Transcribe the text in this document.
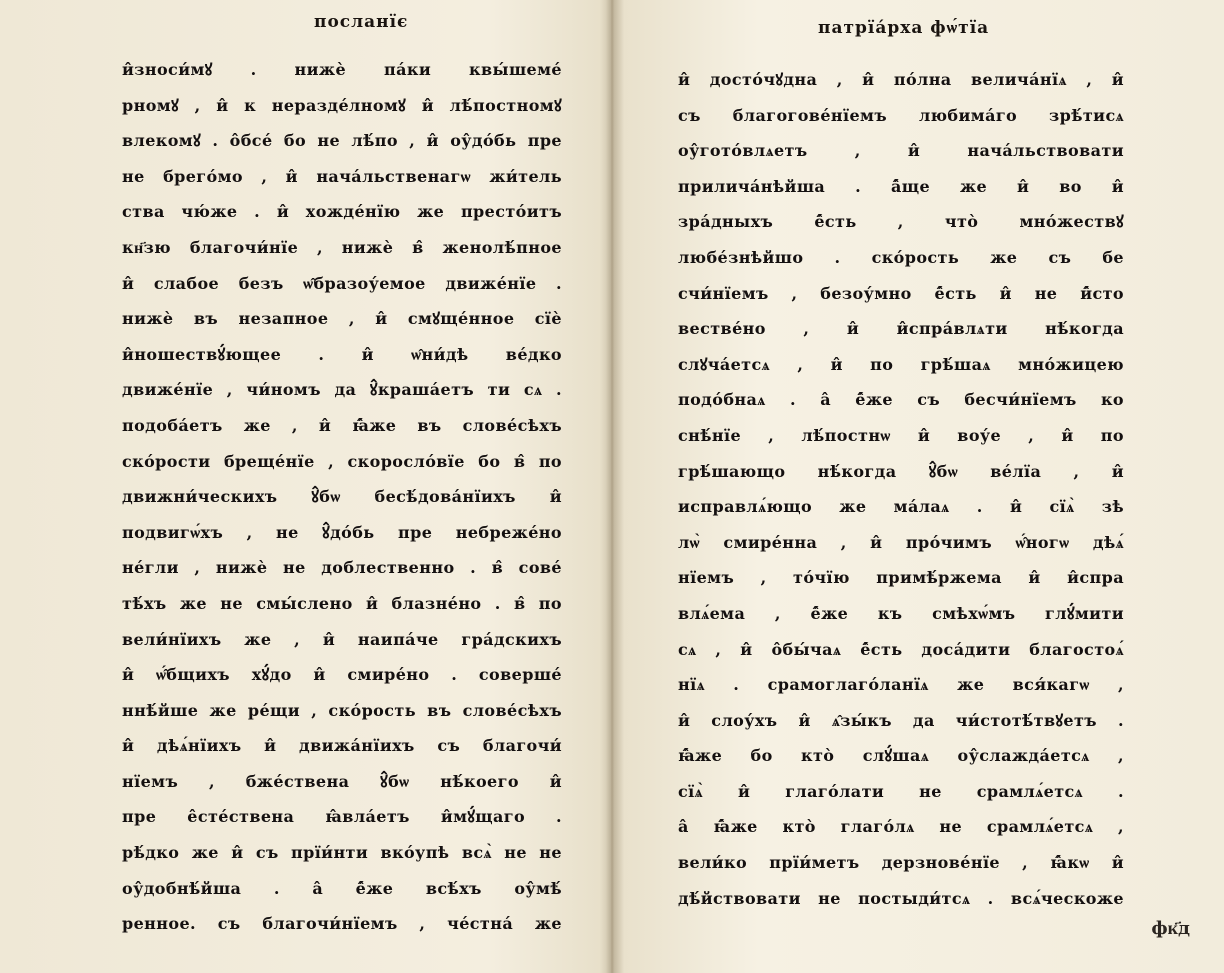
посланїє
и̂зноси́мꙋ . нижѐ па́ки квы́шеме́
рномꙋ , и̂ к неразде́лномꙋ и̂ лѣ́постномꙋ
влекомꙋ . о̂бсе́ бо не лѣ́по , и̂ оу̂до́бь пре
не брего́мо , и̂ нача́льственагѡ жи́тель
ства чю́же . и̂ хожде́нїю же престо́итъ
кн҃зю благочи́нїе , нижѐ в̂ женолѣ́пное
и̂ слабое безъ ѡ̂бразоу́емое движе́нїе .
нижѐ въ незапное , и̂ смꙋще́нное сїѐ
и̂ношествꙋ́ющее . и̂ ѡ̂ни́дѣ ве́дко
движе́нїе , чи́номъ да ꙋ̂краша́етъ ти сѧ .
подоба́етъ же , и̂ ꙗ̂́же въ слове́сѣхъ
ско́рости бреще́нїе , скоросло́вїе бо в̂ по
движни́ческихъ ꙋ̂бѡ бесѣ́дова́нїихъ и̂
подвигѡ́хъ , не ꙋ̂до́бь пре небреже́но
не́гли , нижѐ не доблественно . в̂ сове́
тѣ́хъ же не смы́слено и̂ блазне́но . в̂ по
вели́нїихъ же , и̂ наипа́че гра́дскихъ
и̂ ѡ̂́бщихъ хꙋ́до и̂ смире́но . соверше́
ннѣ́йше же ре́щи , ско́рость въ слове́сѣхъ
и̂ дѣѧ́нїихъ и̂ движа́нїихъ съ благочи́
нїемъ , бже́ствена ꙋ̂бѡ нѣ́коего и̂
пре е̂сте́ствена ꙗ̂вла́етъ и̂мꙋ́щаго .
рѣ́дко же и̂ съ прїи́нти вко́упѣ всѧ̀ не не
оу̂добнѣ́йша . а̂ е̂́же всѣ́хъ оу̂мѣ́
ренное. съ благочи́нїемъ , че́стна́ же
патрїа́рха фѡ́тїа
и̂ досто́чꙋдна , и̂ по́лна велича́нїѧ , и̂
съ благогове́нїемъ любима́го зрѣ́тисѧ
оу̂гото́влѧетъ , и̂ нача́льствовати
прилича́нѣйша . а̂́ще же и̂ во и̂
зра́дныхъ е̂́сть , что̀ мно́жествꙋ
любе́знѣйшо . ско́рость же съ бе
счи́нїемъ , безоу́мно е̂́сть и̂ не и̂́сто
вестве́но , и̂ и̂спра́влѧти нѣ́когда
слꙋча́етсѧ , и̂ по грѣ́шаѧ мно́жицею
подо́бнаѧ . а̂ е̂́же съ бесчи́нїемъ ко
снѣ́нїе , лѣ́постнѡ и̂ воу́е , и̂ по
грѣ́шающо нѣ́когда ꙋ̂бѡ ве́лїа , и̂
исправлѧ́ющо же ма́лаѧ . и̂ сїѧ̀ зѣ
лѡ̀ смире́нна , и̂ про́чимъ ѡ̂́ногѡ дѣѧ́
нїемъ , то́чїю примѣ́ржема и̂ и̂спра
влѧ́ема , е̂́же къ смѣхѡ́мъ глꙋ́мити
сѧ , и̂ о̂бы́чаѧ е̂́сть доса́дити благостоѧ́
нїѧ . срамоглаго́ланїѧ же вся́кагѡ ,
и̂ слоу́хъ и̂ ѧ̂зы́къ да чи́стотѣ́твꙋетъ .
ꙗ̂́же бо кто̀ слꙋ́шаѧ оу̂слажда́етсѧ ,
сїѧ̀ и̂ глаго́лати не срамлѧ́етсѧ .
а̂ ꙗ̂́же кто̀ глаго́лѧ не срамлѧ́етсѧ ,
вели́ко прїи́метъ дерзнове́нїе , ꙗ̂́кѡ и̂
дѣ́йствовати не постыди́тсѧ . всѧ́ческоже
фк҃д
